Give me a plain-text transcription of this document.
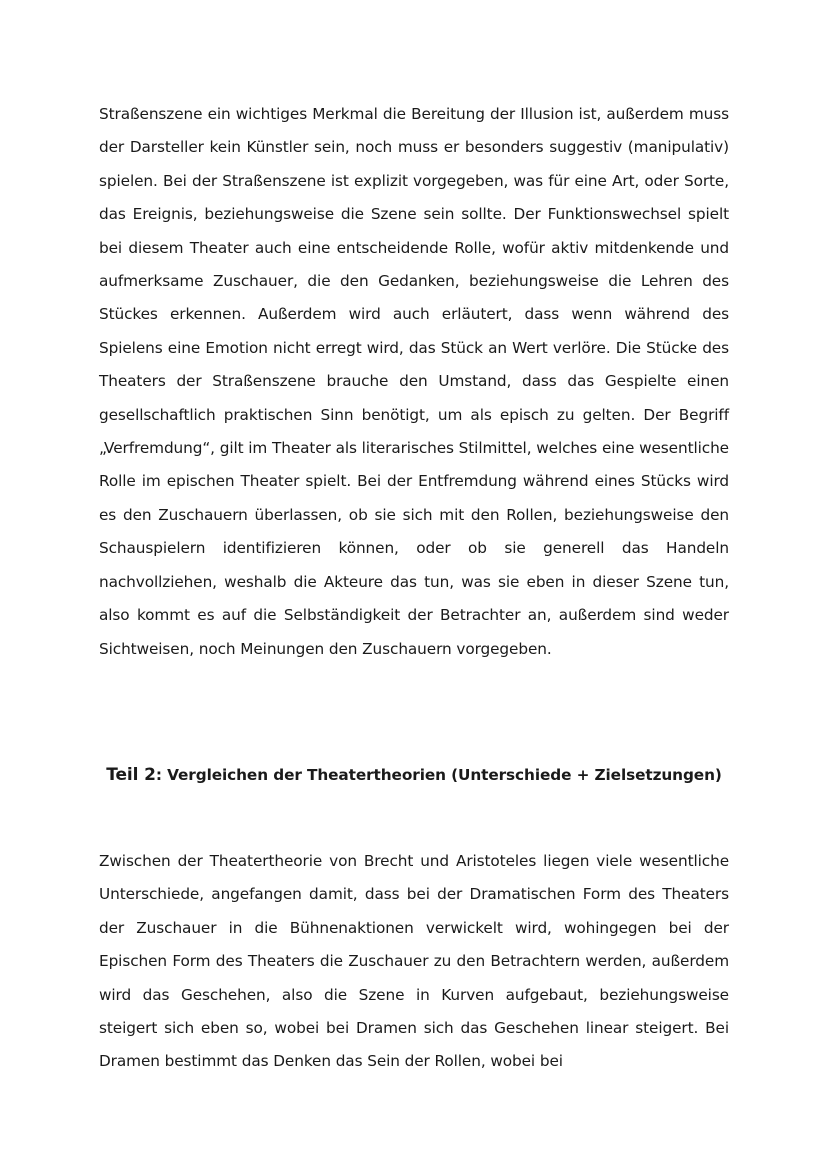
Straßenszene ein wichtiges Merkmal die Bereitung der Illusion ist, außerdem muss der Darsteller kein Künstler sein, noch muss er besonders suggestiv (manipulativ) spielen. Bei der Straßenszene ist explizit vorgegeben, was für eine Art, oder Sorte, das Ereignis, beziehungsweise die Szene sein sollte. Der Funktionswechsel spielt bei diesem Theater auch eine entscheidende Rolle, wofür aktiv mitdenkende und aufmerksame Zuschauer, die den Gedanken, beziehungsweise die Lehren des Stückes erkennen. Außerdem wird auch erläutert, dass wenn während des Spielens eine Emotion nicht erregt wird, das Stück an Wert verlöre. Die Stücke des Theaters der Straßenszene brauche den Umstand, dass das Gespielte einen gesellschaftlich praktischen Sinn benötigt, um als episch zu gelten. Der Begriff „Verfremdung“, gilt im Theater als literarisches Stilmittel, welches eine wesentliche Rolle im epischen Theater spielt. Bei der Entfremdung während eines Stücks wird es den Zuschauern überlassen, ob sie sich mit den Rollen, beziehungsweise den Schauspielern identifizieren können, oder ob sie generell das Handeln nachvollziehen, weshalb die Akteure das tun, was sie eben in dieser Szene tun, also kommt es auf die Selbständigkeit der Betrachter an, außerdem sind weder Sichtweisen, noch Meinungen den Zuschauern vorgegeben.

Teil 2: Vergleichen der Theatertheorien (Unterschiede + Zielsetzungen)

Zwischen der Theatertheorie von Brecht und Aristoteles liegen viele wesentliche Unterschiede, angefangen damit, dass bei der Dramatischen Form des Theaters der Zuschauer in die Bühnenaktionen verwickelt wird, wohingegen bei der Epischen Form des Theaters die Zuschauer zu den Betrachtern werden, außerdem wird das Geschehen, also die Szene in Kurven aufgebaut, beziehungsweise steigert sich eben so, wobei bei Dramen sich das Geschehen linear steigert. Bei Dramen bestimmt das Denken das Sein der Rollen, wobei bei
